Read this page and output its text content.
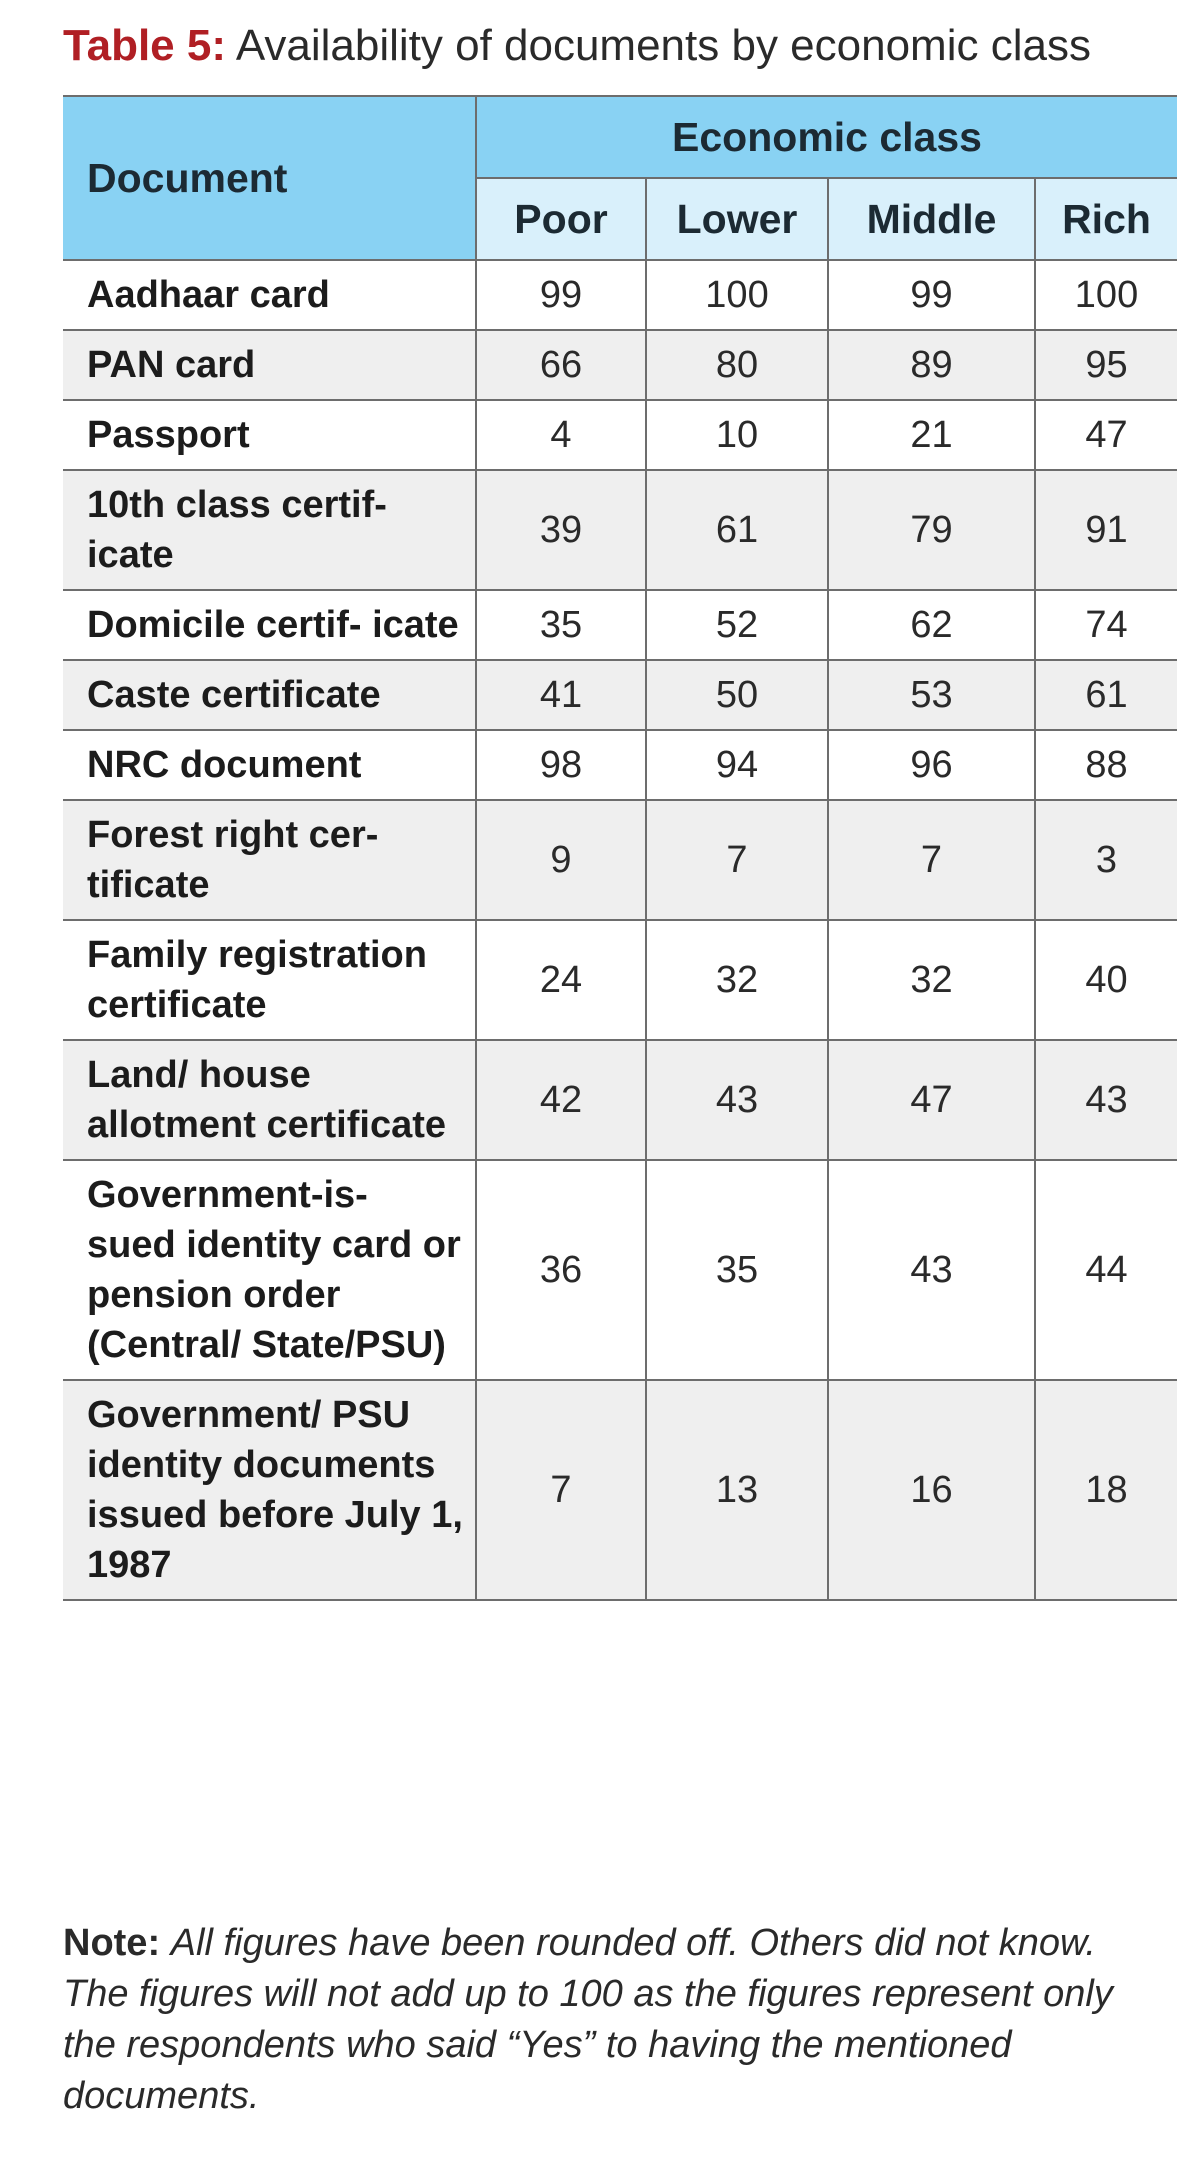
Table 5: Availability of documents by economic class
Document	Economic class			
	Poor	Lower	Middle	Rich
Aadhaar card	99	100	99	100
PAN card	66	80	89	95
Passport	4	10	21	47
10th class certif- icate	39	61	79	91
Domicile certif- icate	35	52	62	74
Caste certificate	41	50	53	61
NRC document	98	94	96	88
Forest right cer- tificate	9	7	7	3
Family registration certificate	24	32	32	40
Land/ house allotment certificate	42	43	47	43
Government-is- sued identity card or pension order (Central/ State/PSU)	36	35	43	44
Government/ PSU identity documents issued before July 1, 1987	7	13	16	18
Note: All figures have been rounded off. Others did not know. The figures will not add up to 100 as the figures represent only the respondents who said “Yes” to having the mentioned documents.
